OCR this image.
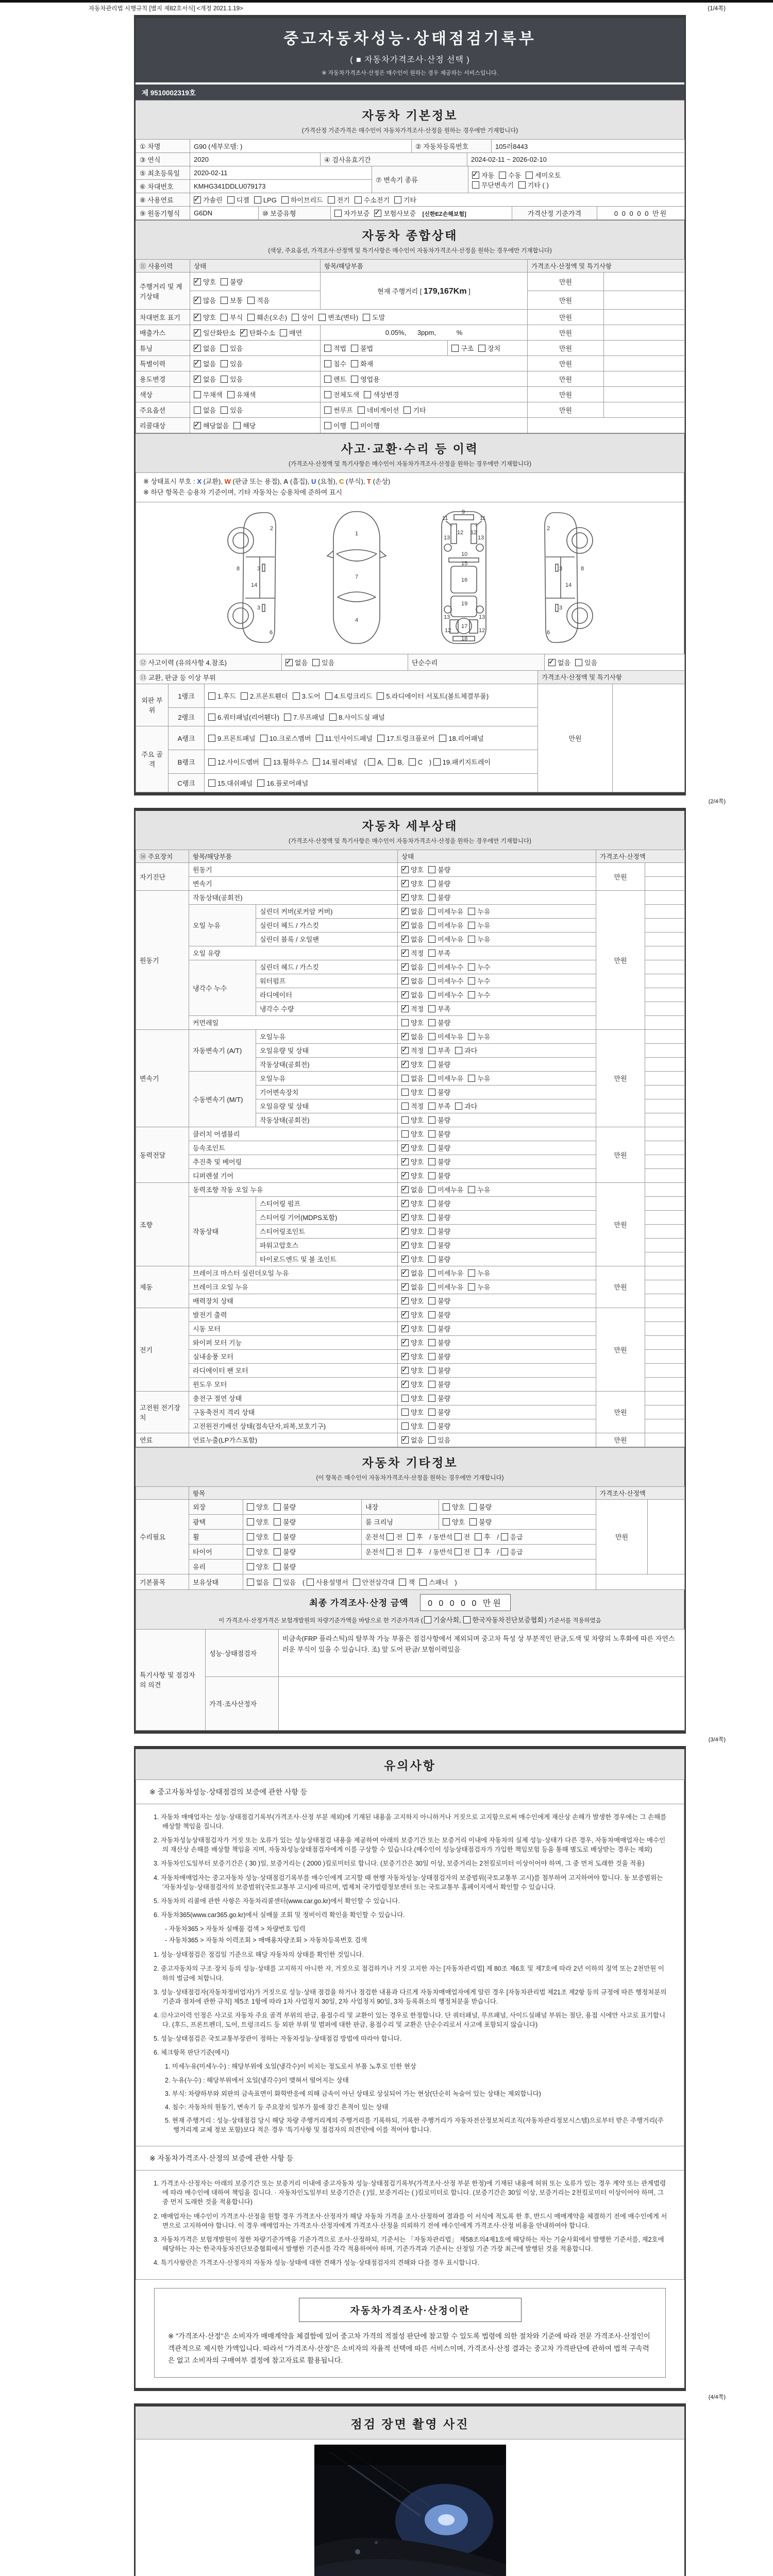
자동차관리법 시행규칙 [별지 제82호서식] <개정 2021.1.19>	(1/4쪽)
중고자동차성능·상태점검기록부
( ■ 자동차가격조사·산정 선택 )
※ 자동차가격조사·산정은 매수인이 원하는 경우 제공하는 서비스입니다.
제 9510002319호
자동차 기본정보
(가격산정 기준가격은 매수인이 자동차가격조사·산정을 원하는 경우에만 기재합니다)
① 차명	G90 (세부모델: )	② 자동차등록번호	105러8443
③ 연식	2020	④ 검사유효기간	2024-02-11 ~ 2026-02-10
⑤ 최초등록일	2020-02-11	⑦ 변속기 종류	
✓자동 수동 세미오토
무단변속기 기타 ( )

⑥ 차대번호	KMHG341DDLU079173		
⑧ 사용연료	✓가솔린 디젤 LPG 하이브리드 전기 수소전기 기타
⑨ 원동기형식	G6DN	⑩ 보증유형	자가보증 ✓ 보험사보증 [신한EZ손해보험]	가격산정 기준가격	0 0 0 0 0 만원
자동차 종합상태
(색상, 주요옵션, 가격조사·산정액 및 특기사항은 매수인이 자동차가격조사·산정을 원하는 경우에만 기재합니다)
⑪ 사용이력	상태	항목/해당부품		가격조사·산정액 및 특기사항	
주행거리 및 계기상태	✓양호 불량	현재 주행거리 [ 179,167Km ]		만원	
✓많음 보통 적음			만원	
차대번호 표기	✓양호 부식 훼손(오손) 상이 변조(변타) 도말			만원	
배출가스	✓일산화탄소 ✓ 탄화수소 매연	0.05%,      3ppm,           %		만원	
튜닝	✓없음 있음	적법 불법	구조 장치	만원	
특별이력	✓없음 있음	침수 화재		만원	
용도변경	✓없음 있음	렌트 영업용		만원	
색상	무채색 유채색	전체도색 색상변경		만원	
주요옵션	없음 있음	썬루프 네비게이션 기타		만원	
리콜대상	✓해당없음 해당	이행 미이행			
사고·교환·수리 등 이력
(가격조사·산정액 및 특기사항은 매수인이 자동차가격조사·산정을 원하는 경우에만 기재합니다)
※ 상태표시 부호 : X (교환), W (판금 또는 용접), A (흠집), U (요철), C (부식), T (손상)
※ 하단 항목은 승용차 기준이며, 기타 자동차는 승용차에 준하여 표시
2
8	3
14
3
6
1
7
4
9
11	11
13	13
12 12
10
15
16
19
13	13
12	12
17
18
2
3	8
14
3
6
⑫ 사고이력 (유의사항 4.참조)	✓없음 있음	단순수리	✓없음 있음
⑬ 교환, 판금 등 이상 부위	가격조사·산정액 및 특기사항
외판 부위	1랭크	1.후드 2.프론트휀더 3.도어 4.트렁크리드 5.라디에이터 서포트(볼트체결부품)	만원	
	2랭크	6.쿼터패널(리어휀다) 7.루프패널 8.사이드실 패널		
주요 골격	A랭크	9.프론트패널 10.크로스멤버 11.인사이드패널 17.트렁크플로어 18.리어패널		
	B랭크	12.사이드멤버 13.휠하우스 14.필러패널 ( A, B, C ) 19.패키지트레이		
	C랭크	15.대쉬패널 16.플로어패널		
(2/4쪽)
자동차 세부상태
(가격조사·산정액 및 특기사항은 매수인이 자동차가격조사·산정을 원하는 경우에만 기재합니다)
⑭ 주요장치	항목/해당부품		상태	가격조사·산정액	
자기진단	원동기	✓양호 불량	만원	
	변속기	✓양호 불량	
원동기	작동상태(공회전)	✓양호 불량	만원	
	오일 누유	실린더 커버(로커암 커버)	✓없음 미세누유 누유	
		실린더 헤드 / 가스킷	✓없음 미세누유 누유	
		실린더 블록 / 오일팬	✓없음 미세누유 누유	
	오일 유량	✓적정 부족	
	냉각수 누수	실린더 헤드 / 가스킷	✓없음 미세누수 누수	
		워터펌프	✓없음 미세누수 누수	
		라디에이터	✓없음 미세누수 누수	
		냉각수 수량	✓적정 부족	
	커먼레일		양호 불량		
변속기	자동변속기 (A/T)	오일누유	✓없음 미세누유 누유	만원	
		오일유량 및 상태	✓적정 부족 과다	
		작동상태(공회전)	✓양호 불량	
	수동변속기 (M/T)	오일누유	없음 미세누유 누유		
		기어변속장치	양호 불량		
		오일유량 및 상태	적정 부족 과다		
		작동상태(공회전)	양호 불량		
동력전달	클러치 어셈블리		양호 불량	만원	
	등속조인트	✓양호 불량	
	추진축 및 베어링	✓양호 불량	
	디퍼렌셜 기어	✓양호 불량	
조향	동력조향 작동 오일 누유	✓없음 미세누유 누유	만원	
	작동상태	스티어링 펌프	✓양호 불량	
		스티어링 기어(MDPS포함)	✓양호 불량	
		스티어링조인트	✓양호 불량	
		파워고압호스	✓양호 불량	
		타이로드엔드 및 볼 조인트	✓양호 불량	
제동	브레이크 마스터 실린더오일 누유	✓없음 미세누유 누유	만원	
	브레이크 오일 누유	✓없음 미세누유 누유	
	배력장치 상태	✓양호 불량	
전기	발전기 출력	✓양호 불량	만원	
	시동 모터	✓양호 불량	
	와이퍼 모터 기능	✓양호 불량	
	실내송풍 모터	✓양호 불량	
	라디에이터 팬 모터	✓양호 불량	
	윈도우 모터	✓양호 불량	
고전원 전기장치	충전구 절연 상태		양호 불량	만원	
	구동축전지 격리 상태		양호 불량		
	고전원전기배선 상태(접속단자,피복,보호기구)		양호 불량		
연료	연료누출(LP가스포함)	✓없음 있음	만원	
자동차 기타정보
(이 항목은 매수인이 자동차가격조사·산정을 원하는 경우에만 기재합니다)
	항목				가격조사·산정액	
수리필요	외장	양호 불량	내장	양호 불량	만원	
	광택	양호 불량	룸 크리닝	양호 불량		
	휠	양호 불량	운전석 전 후 / 동반석 전 후 / 응급			
	타이어	양호 불량	운전석 전 후 / 동반석 전 후 / 응급			
	유리	양호 불량				
기본품목	보유상태	없음 있음 ( 사용설명서 안전삼각대 잭 스패너 )	
최종 가격조사·산정 금액 0 0 0 0 0 만원
이 가격조사·산정가격은 보험개발원의 차량기준가액을 바탕으로 한 기준가격과 ( 기술사회, 한국자동차진단보증협회 ) 기준서를 적용하였음
특기사항 및 점검자의 의견	성능·상태점검자	비금속(FRP 플라스틱)의 탈부착 가능 부품은 점검사항에서 제외되며 중고차 특성 상 부분적인 판금,도색 및 차량의 노후화에 따른 자연스러운 부식이 있을 수 있습니다. 조) 앞 도어 판금/ 보험이력있음
	가격·조사산정자	
(3/4쪽)
유의사항
※ 중고자동차성능·상태점검의 보증에 관한 사항 등
1. 자동차 매매업자는 성능·상태점검기록부(가격조사·산정 부분 제외)에 기재된 내용을 고지하지 아니하거나 거짓으로 고지함으로써 매수인에게 재산상 손해가 발생한 경우에는 그 손해를 배상할 책임을 집니다.
2. 자동차성능상태점검자가 거짓 또는 오류가 있는 성능상태점검 내용을 제공하여 아래의 보증기간 또는 보증거리 이내에 자동차의 실제 성능·상태가 다른 경우, 자동차매매업자는 매수인의 재산상 손해를 배상할 책임을 지며, 자동차성능상태점검자에게 이를 구상할 수 있습니다.(매수인이 성능상태점검자가 가입한 책임보험 등을 통해 별도로 배상받는 경우는 제외)
3. 자동차인도일부터 보증기간은 ( 30 )일, 보증거리는 ( 2000 )킬로미터로 합니다. (보증기간은 30일 이상, 보증거리는 2천킬로미터 이상이어야 하며, 그 중 먼저 도래한 것을 적용)
4. 자동차매매업자는 중고자동차 성능·상태점검기록부를 매수인에게 고지할 때 현행 자동차성능·상태점검자의 보증범위(국토교통부 고시)를 첨부하여 고지하여야 합니다. 동 보증범위는 '자동차성능·상태점검자의 보증범위'(국토교통부 고시)에 따르며, 법제처 국가법령정보센터 또는 국토교통부 홈페이지에서 확인할 수 있습니다.
5. 자동차의 리콜에 관한 사항은 자동차리콜센터(www.car.go.kr)에서 확인할 수 있습니다.
6. 자동차365(www.car365.go.kr)에서 실매물 조회 및 정비이력 확인을 확인할 수 있습니다.
- 자동차365 > 자동차 실매물 검색 > 차량번호 입력
- 자동차365 > 자동차 이력조회 > 매매용차량조회 > 자동차등록번호 검색
1. 성능·상태점검은 점검일 기준으로 해당 자동차의 상태를 확인한 것입니다.
2. 중고자동차의 구조·장치 등의 성능·상태를 고지하지 아니한 자, 거짓으로 점검하거나 거짓 고지한 자는 [자동차관리법] 제 80조 제6호 및 제7호에 따라 2년 이하의 징역 또는 2천만원 이하의 벌금에 처합니다.
3. 성능·상태점검자(자동차정비업자)가 거짓으로 성능·상태 점검을 하거나 점검한 내용과 다르게 자동차매매업자에게 알린 경우 [자동차관리법 제21조 제2항 등의 규정에 따른 행정처분의 기준과 절차에 관한 규칙] 제5조 1항에 따라 1차 사업정지 30일, 2차 사업정지 90일, 3차 등록취소의 행정처분을 받습니다.
4. ⑫사고이력 인정은 사고로 자동차 주요 골격 부위의 판금, 용접수리 및 교환이 있는 경우로 한정합니다. 단 쿼터패널, 루프패널, 사이드실패널 부위는 절단, 용접 시에만 사고로 표기합니다. (후드, 프론트펜더, 도어, 트렁크리드 등 외판 부위 및 범퍼에 대한 판금, 용접수리 및 교환은 단순수리로서 사고에 포함되지 않습니다)
5. 성능·상태점검은 국토교통부장관이 정하는 자동차성능·상태점검 방법에 따라야 합니다.
6. 체크항목 판단기준(예시)
1. 미세누유(미세누수) : 해당부위에 오일(냉각수)이 비치는 정도로서 부품 노후로 인한 현상
2. 누유(누수) : 해당부위에서 오일(냉각수)이 맺혀서 떨어지는 상태
3. 부식: 차량하부와 외판의 금속표면이 화학반응에 의해 금속이 아닌 상태로 상실되어 가는 현상(단순히 녹슬어 있는 상태는 제외합니다)
4. 침수: 자동차의 원동기, 변속기 등 주요장치 일부가 물에 잠긴 흔적이 있는 상태
5. 현재 주행거리 : 성능·상태점검 당시 해당 차량 주행거리계의 주행거리를 기록하되, 기록한 주행거리가 자동차전산정보처리조직(자동차관리정보시스템)으로부터 받은 주행거리(주행거리계 교체 정보 포함)보다 적은 경우 '특기사항 및 점검자의 의견'란에 이를 적어야 합니다.
※ 자동차가격조사·산정의 보증에 관한 사항 등
1. 가격조사·산정자는 아래의 보증기간 또는 보증거리 이내에 중고자동차 성능·상태점검기록부(가격조사·산정 부분 한정)에 기재된 내용에 허위 또는 오류가 있는 경우 계약 또는 관계법령에 따라 매수인에 대하여 책임을 집니다. · 자동차인도일부터 보증기간은 ( )일, 보증거리는 ( )킬로미터로 합니다. (보증기간은 30일 이상, 보증거리는 2천킬로미터 이상이어야 하며, 그 중 먼저 도래한 것을 적용합니다)
2. 매매업자는 매수인이 가격조사·산정을 원할 경우 가격조사·산정자가 해당 자동차 가격을 조사·산정하여 결과를 이 서식에 적도록 한 후, 반드시 매매계약을 체결하기 전에 매수인에게 서면으로 고지하여야 합니다. 이 경우 매매업자는 가격조사·산정자에게 가격조사·산정을 의뢰하기 전에 매수인에게 가격조사·산정 비용을 안내하여야 합니다.
3. 자동차가격은 보험개발원이 정한 차량기준가액을 기준가격으로 조사·산정하되, 기준서는 「자동차관리법」 제58조의4제1호에 해당하는 자는 기술사회에서 발행한 기준서를, 제2호에 해당하는 자는 한국자동차진단보증협회에서 발행한 기준서를 각각 적용하여야 하며, 기준가격과 기준서는 산정일 기준 가장 최근에 발행된 것을 적용합니다.
4. 특기사항란은 가격조사·산정자의 자동차 성능·상태에 대한 견해가 성능·상태점검자의 견해와 다를 경우 표시합니다.
자동차가격조사·산정이란
※ "가격조사·산정"은 소비자가 매매계약을 체결함에 있어 중고차 가격의 적절성 판단에 참고할 수 있도록 법령에 의한 절차와 기준에 따라 전문 가격조사·산정인이 객관적으로 제시한 가액입니다. 따라서 "가격조사·산정"은 소비자의 자율적 선택에 따른 서비스이며, 가격조사·산정 결과는 중고차 가격판단에 관하여 법적 구속력은 없고 소비자의 구매여부 결정에 참고자료로 활용됩니다.
(4/4쪽)
점검 장면 촬영 사진
